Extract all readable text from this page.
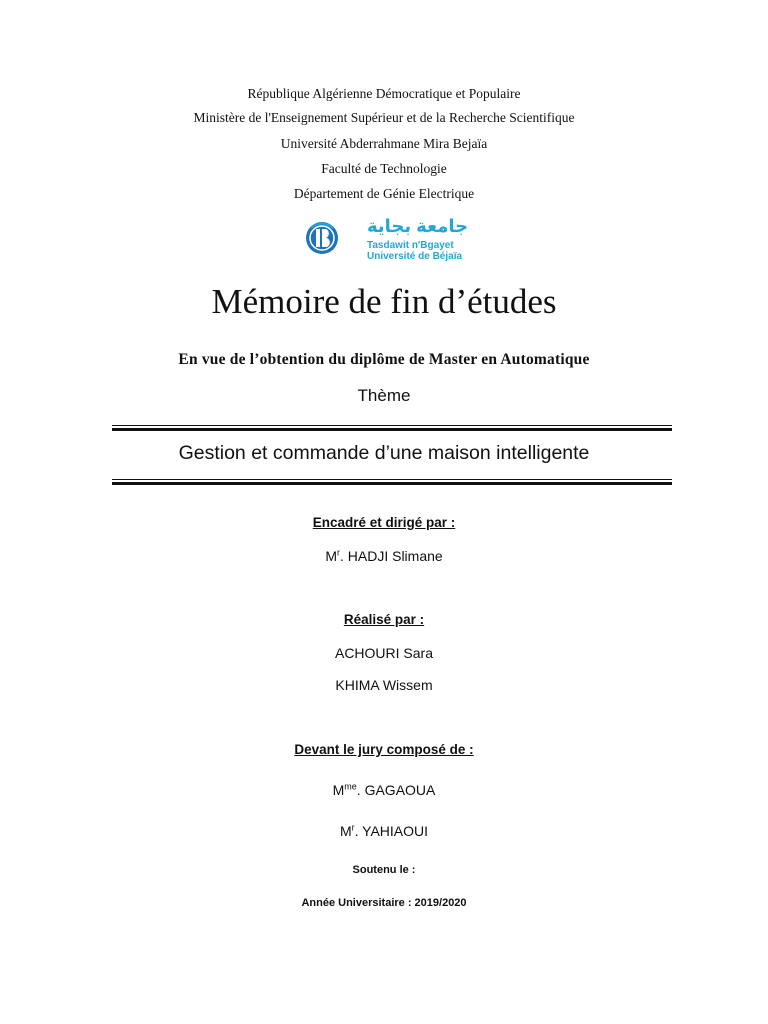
République Algérienne Démocratique et Populaire
Ministère de l'Enseignement Supérieur et de la Recherche Scientifique
Université Abderrahmane Mira Bejaïa
Faculté de Technologie
Département de Génie Electrique
جامعة بجاية
Tasdawit n'Bgayet
Université de Béjaïa
Mémoire de fin d’études
En vue de l’obtention du diplôme de Master en Automatique
Thème
Gestion et commande d’une maison intelligente
Encadré et dirigé par :
$M^r$. HADJI Slimane
Réalisé par :
ACHOURI Sara
KHIMA Wissem
Devant le jury composé de :
$M^{me}$. GAGAOUA
$M^r$. YAHIAOUI
Soutenu le :
Année Universitaire : 2019/2020
